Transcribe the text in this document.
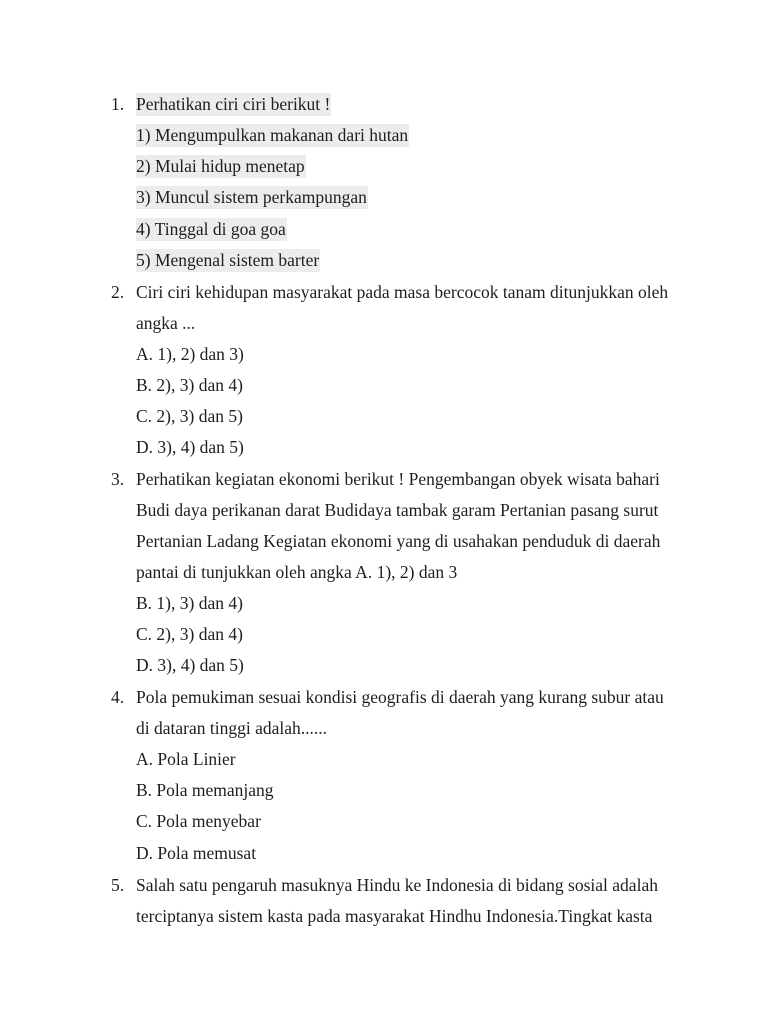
1. Perhatikan ciri ciri berikut !
1) Mengumpulkan makanan dari hutan
2) Mulai hidup menetap
3) Muncul sistem perkampungan
4) Tinggal di goa goa
5) Mengenal sistem barter
2. Ciri ciri kehidupan masyarakat pada masa bercocok tanam ditunjukkan oleh
angka ...
A. 1), 2) dan 3)
B. 2), 3) dan 4)
C. 2), 3) dan 5)
D. 3), 4) dan 5)
3. Perhatikan kegiatan ekonomi berikut ! Pengembangan obyek wisata bahari
Budi daya perikanan darat Budidaya tambak garam Pertanian pasang surut
Pertanian Ladang Kegiatan ekonomi yang di usahakan penduduk di daerah
pantai di tunjukkan oleh angka A. 1), 2) dan 3
B. 1), 3) dan 4)
C. 2), 3) dan 4)
D. 3), 4) dan 5)
4. Pola pemukiman sesuai kondisi geografis di daerah yang kurang subur atau
di dataran tinggi adalah......
A. Pola Linier
B. Pola memanjang
C. Pola menyebar
D. Pola memusat
5. Salah satu pengaruh masuknya Hindu ke Indonesia di bidang sosial adalah
terciptanya sistem kasta pada masyarakat Hindhu Indonesia.Tingkat kasta
